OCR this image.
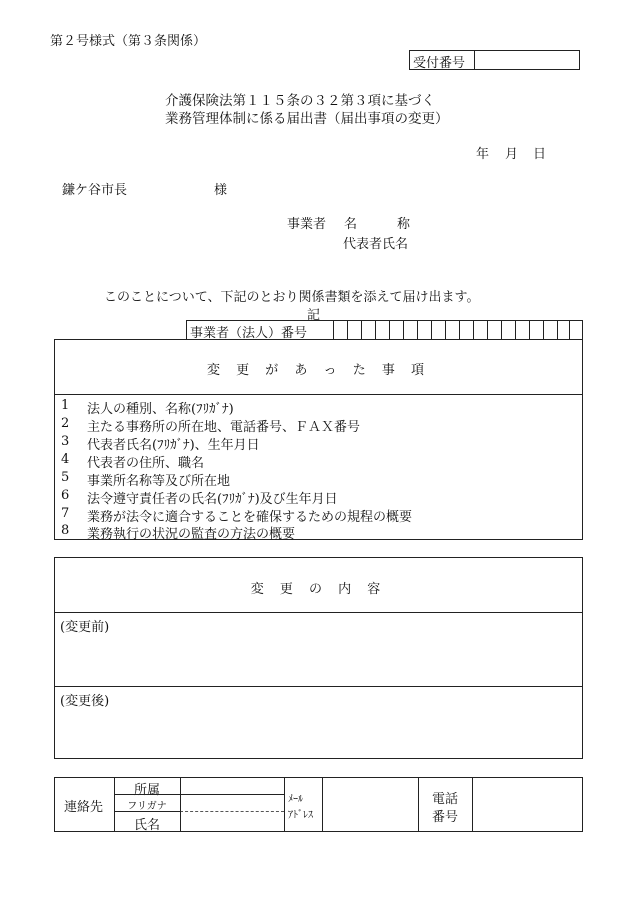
第２号様式（第３条関係）
受付番号
介護保険法第１１５条の３２第３項に基づく
業務管理体制に係る届出書（届出事項の変更）
年 月 日
鎌ケ谷市長	様
事業者 名	称
代表者氏名
このことについて、下記のとおり関係書類を添えて届け出ます。
記
事業者（法人）番号
変 更 が あ っ た 事 項
1 法人の種別、名称(ﾌﾘｶﾞﾅ)
2 主たる事務所の所在地、電話番号、ＦＡＸ番号
3 代表者氏名(ﾌﾘｶﾞﾅ)、生年月日
4 代表者の住所、職名
5 事業所名称等及び所在地
6 法令遵守責任者の氏名(ﾌﾘｶﾞﾅ)及び生年月日
7 業務が法令に適合することを確保するための規程の概要
8 業務執行の状況の監査の方法の概要
変 更 の 内 容
(変更前)
(変更後)
連絡先
所属
フリガナ
氏名
ﾒｰﾙ
ｱﾄﾞﾚｽ
電話
番号
